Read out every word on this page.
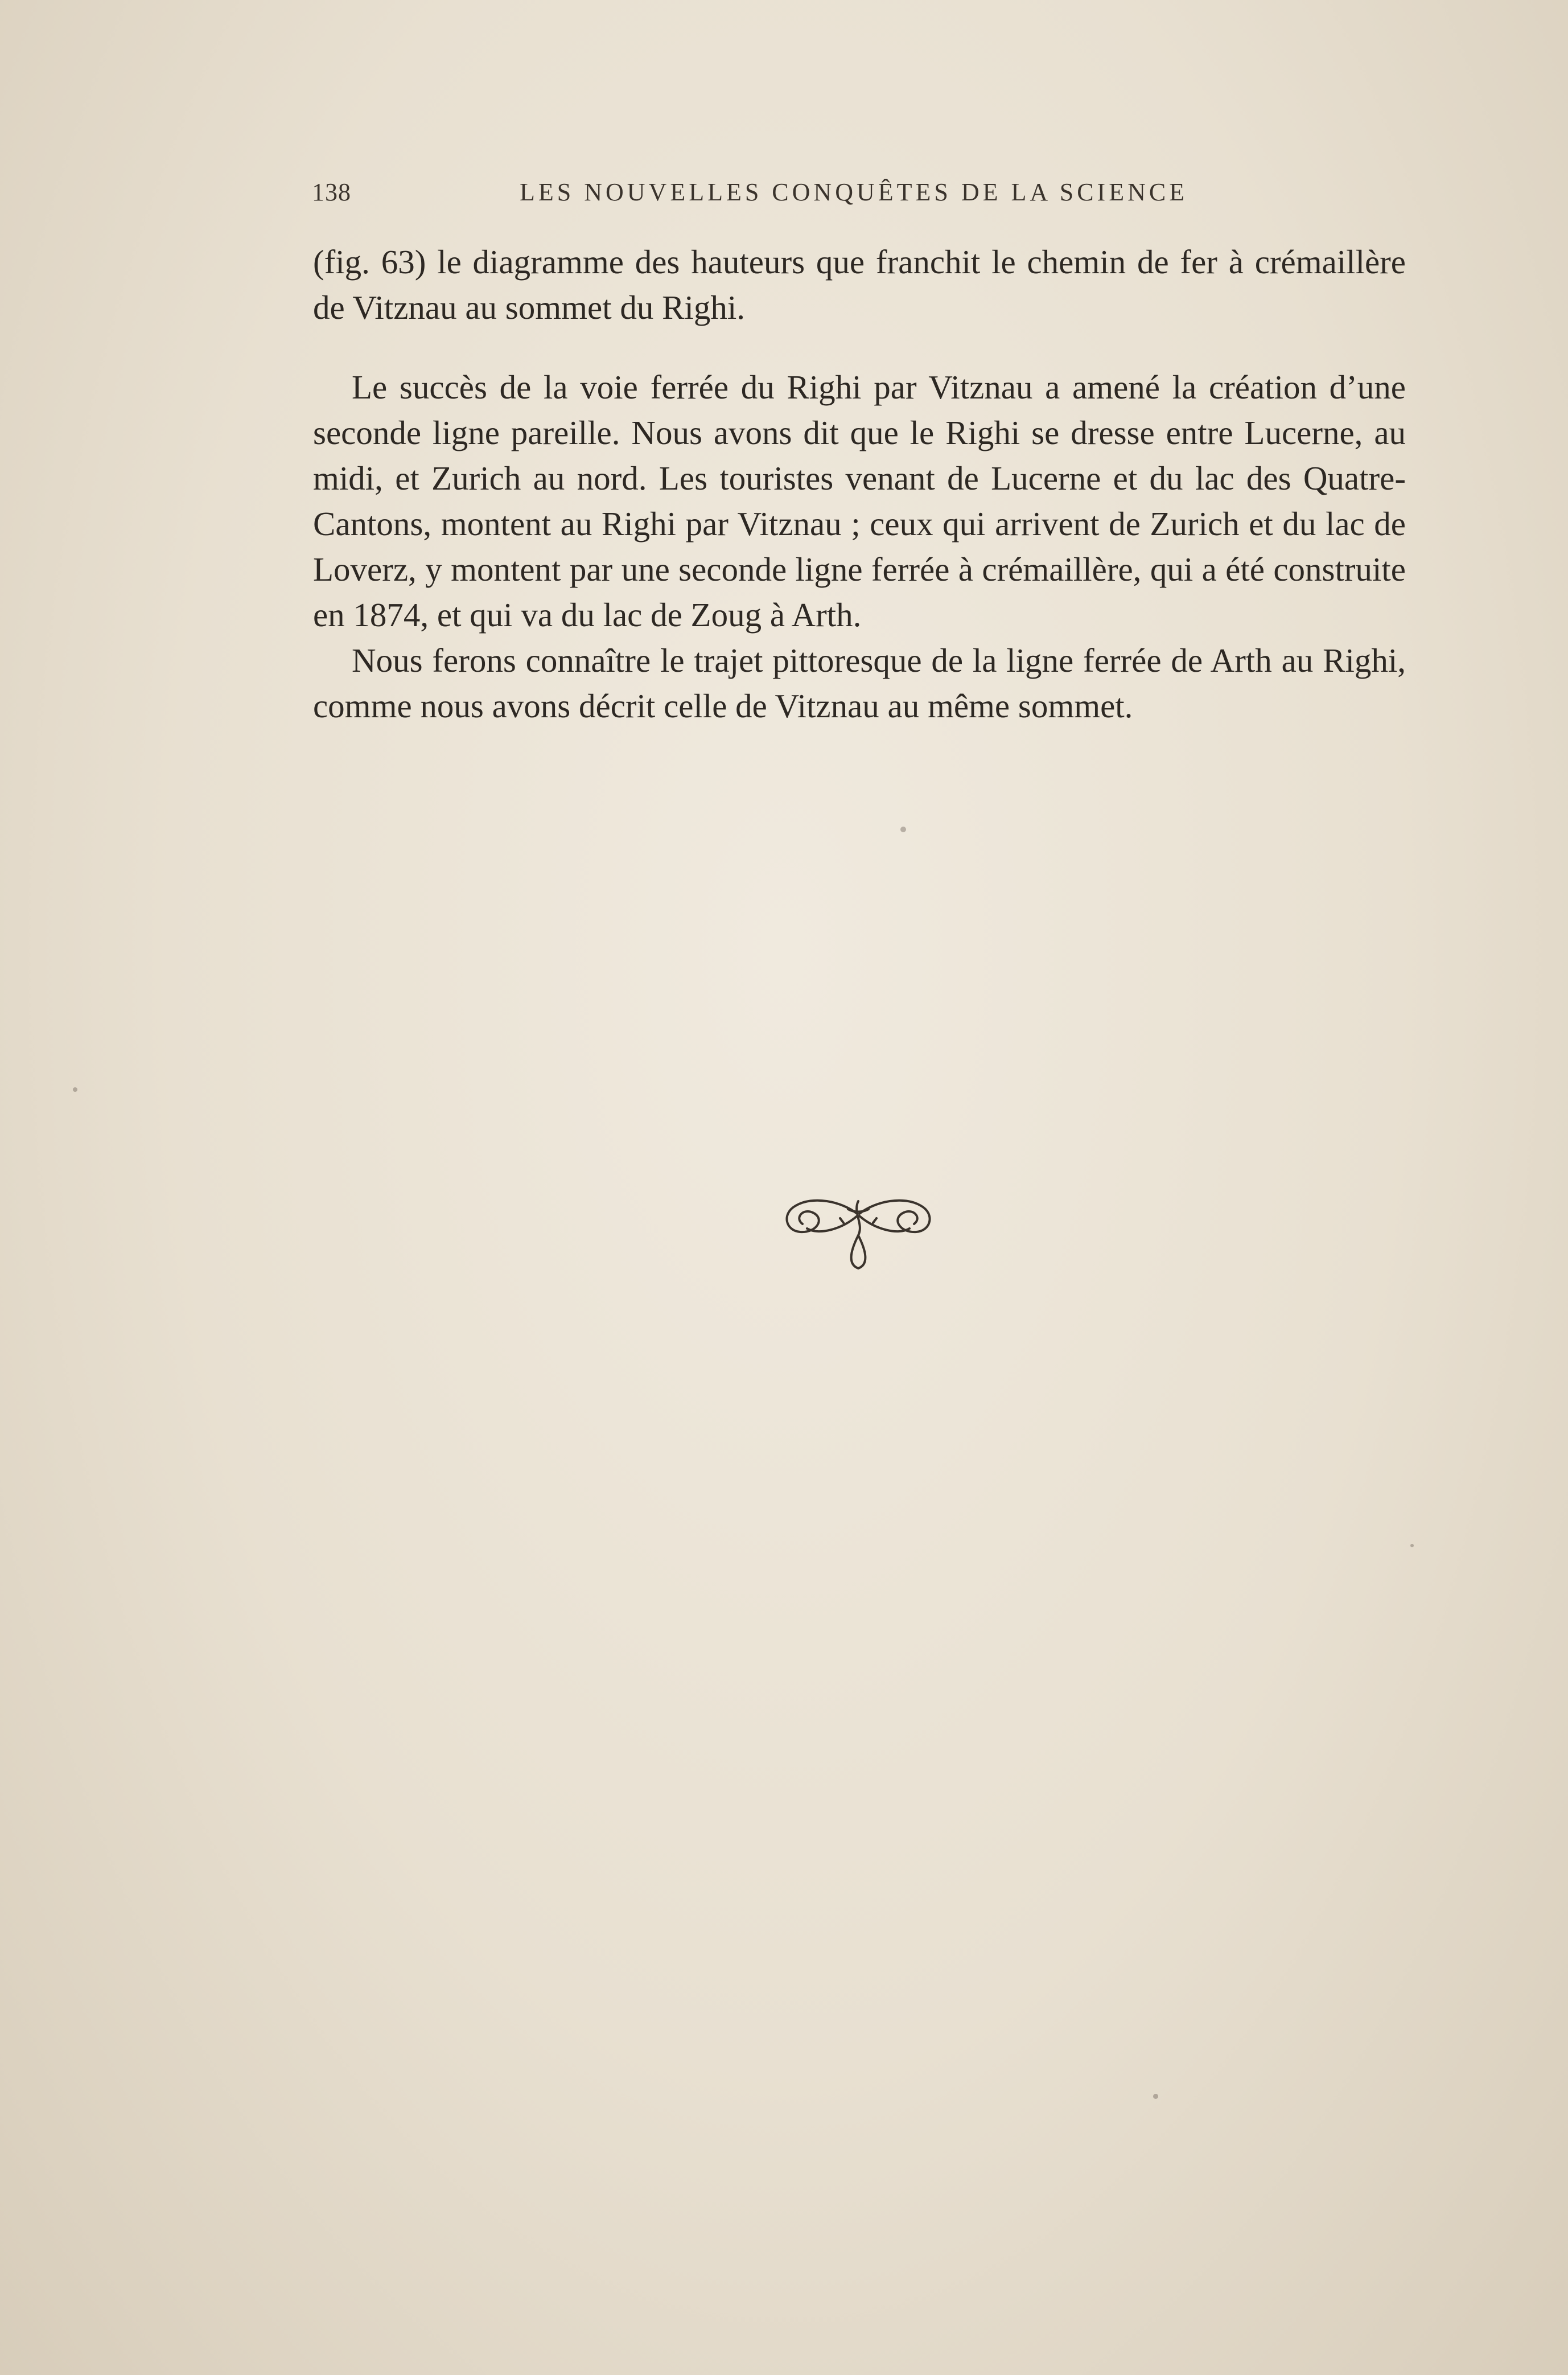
138	LES NOUVELLES CONQUÊTES DE LA SCIENCE

(fig. 63) le diagramme des hauteurs que franchit le chemin de fer à crémaillère de Vitznau au sommet du Righi.

Le succès de la voie ferrée du Righi par Vitznau a amené la création d’une seconde ligne pareille. Nous avons dit que le Righi se dresse entre Lucerne, au midi, et Zurich au nord. Les touristes venant de Lucerne et du lac des Quatre-Cantons, montent au Righi par Vitznau ; ceux qui arrivent de Zurich et du lac de Loverz, y montent par une seconde ligne ferrée à crémaillère, qui a été construite en 1874, et qui va du lac de Zoug à Arth.

Nous ferons connaître le trajet pittoresque de la ligne ferrée de Arth au Righi, comme nous avons décrit celle de Vitznau au même sommet.
